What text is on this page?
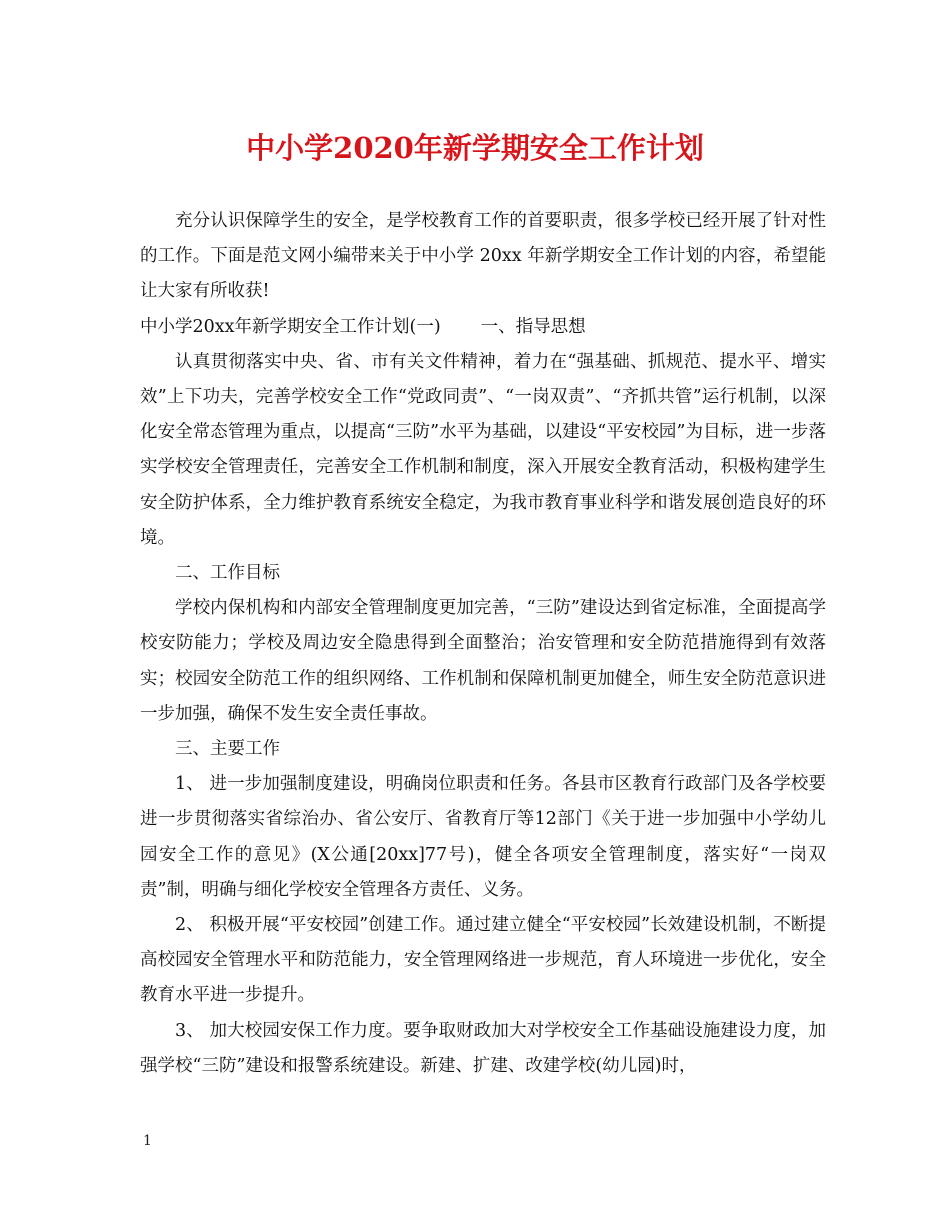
中小学2020年新学期安全工作计划

充分认识保障学生的安全，是学校教育工作的首要职责，很多学校已经开展了针对性的工作。下面是范文网小编带来关于中小学 20xx 年新学期安全工作计划的内容，希望能让大家有所收获!

中小学20xx年新学期安全工作计划(一) 一、指导思想

认真贯彻落实中央、省、市有关文件精神，着力在“强基础、抓规范、提水平、增实效”上下功夫，完善学校安全工作“党政同责”、“一岗双责”、“齐抓共管”运行机制，以深化安全常态管理为重点，以提高“三防”水平为基础，以建设“平安校园”为目标，进一步落实学校安全管理责任，完善安全工作机制和制度，深入开展安全教育活动，积极构建学生安全防护体系，全力维护教育系统安全稳定，为我市教育事业科学和谐发展创造良好的环境。

二、工作目标

学校内保机构和内部安全管理制度更加完善，“三防”建设达到省定标准，全面提高学校安防能力；学校及周边安全隐患得到全面整治；治安管理和安全防范措施得到有效落实；校园安全防范工作的组织网络、工作机制和保障机制更加健全，师生安全防范意识进一步加强，确保不发生安全责任事故。

三、主要工作

1、 进一步加强制度建设，明确岗位职责和任务。各县市区教育行政部门及各学校要进一步贯彻落实省综治办、省公安厅、省教育厅等12部门《关于进一步加强中小学幼儿园安全工作的意见》(X公通[20xx]77号)，健全各项安全管理制度，落实好“一岗双责”制，明确与细化学校安全管理各方责任、义务。

2、 积极开展“平安校园”创建工作。通过建立健全“平安校园”长效建设机制，不断提高校园安全管理水平和防范能力，安全管理网络进一步规范，育人环境进一步优化，安全教育水平进一步提升。

3、 加大校园安保工作力度。要争取财政加大对学校安全工作基础设施建设力度，加强学校“三防”建设和报警系统建设。新建、扩建、改建学校(幼儿园)时，

1
